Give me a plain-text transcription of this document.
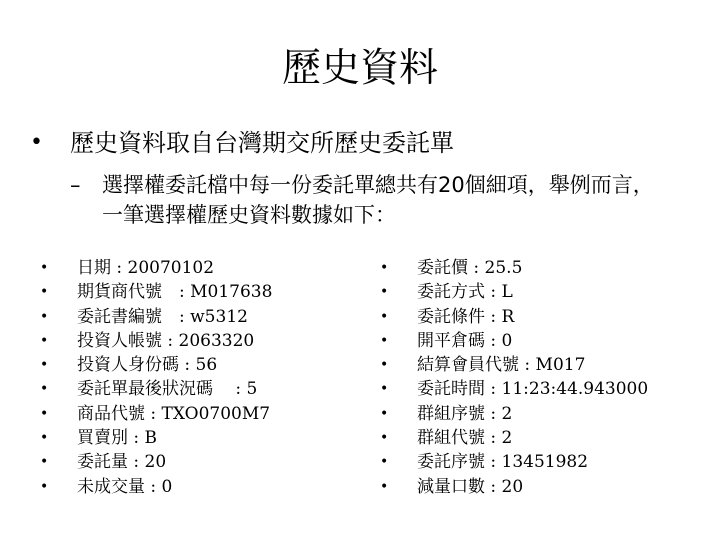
歷史資料
• 歷史資料取自台灣期交所歷史委託單
– 選擇權委託檔中每一份委託單總共有20個細項，舉例而言，一筆選擇權歷史資料數據如下：
• 日期 : 20070102
• 期貨商代號　: M017638
• 委託書編號　: w5312
• 投資人帳號 : 2063320
• 投資人身份碼 : 56
• 委託單最後狀況碼　 : 5
• 商品代號 : TXO0700M7
• 買賣別 : B
• 委託量 : 20
• 未成交量 : 0
• 委託價 : 25.5
• 委託方式 : L
• 委託條件 : R
• 開平倉碼 : 0
• 結算會員代號 : M017
• 委託時間 : 11:23:44.943000
• 群組序號 : 2
• 群組代號 : 2
• 委託序號 : 13451982
• 減量口數 : 20
